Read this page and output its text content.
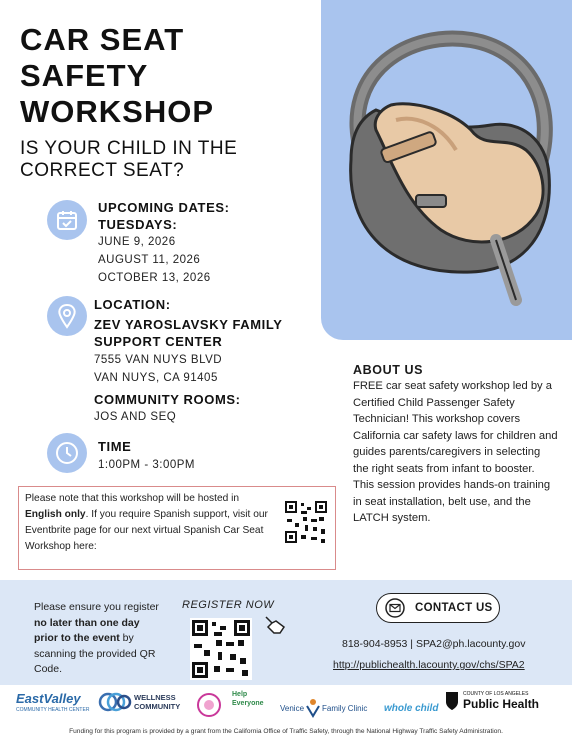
CAR SEAT
SAFETY
WORKSHOP
IS YOUR CHILD IN THE
CORRECT SEAT?
UPCOMING DATES:
TUESDAYS:
JUNE 9, 2026
AUGUST 11, 2026
OCTOBER 13, 2026
LOCATION:
ZEV YAROSLAVSKY FAMILY
SUPPORT CENTER
7555 VAN NUYS BLVD
VAN NUYS, CA 91405
COMMUNITY ROOMS:
JOS AND SEQ
TIME
1:00PM - 3:00PM
Please note that this workshop will be hosted in English only. If you require Spanish support, visit our Eventbrite page for our next virtual Spanish Car Seat Workshop here:
ABOUT US
FREE car seat safety workshop led by a Certified Child Passenger Safety Technician! This workshop covers California car safety laws for children and guides parents/caregivers in selecting the right seats from infant to booster. This session provides hands-on training in seat installation, belt use, and the LATCH system.
Please ensure you register no later than one day prior to the event by scanning the provided QR Code.
REGISTER NOW	CONTACT US
818-904-8953 | SPA2@ph.lacounty.gov
http://publichealth.lacounty.gov/chs/SPA2
EastValley
COMMUNITY HEALTH CENTER
WELLNESS
COMMUNITY
Help Everyone	Venice Family Clinic whole child
COUNTY OF LOS ANGELES
Public Health
Funding for this program is provided by a grant from the California Office of Traffic Safety, through the National Highway Traffic Safety Administration.
